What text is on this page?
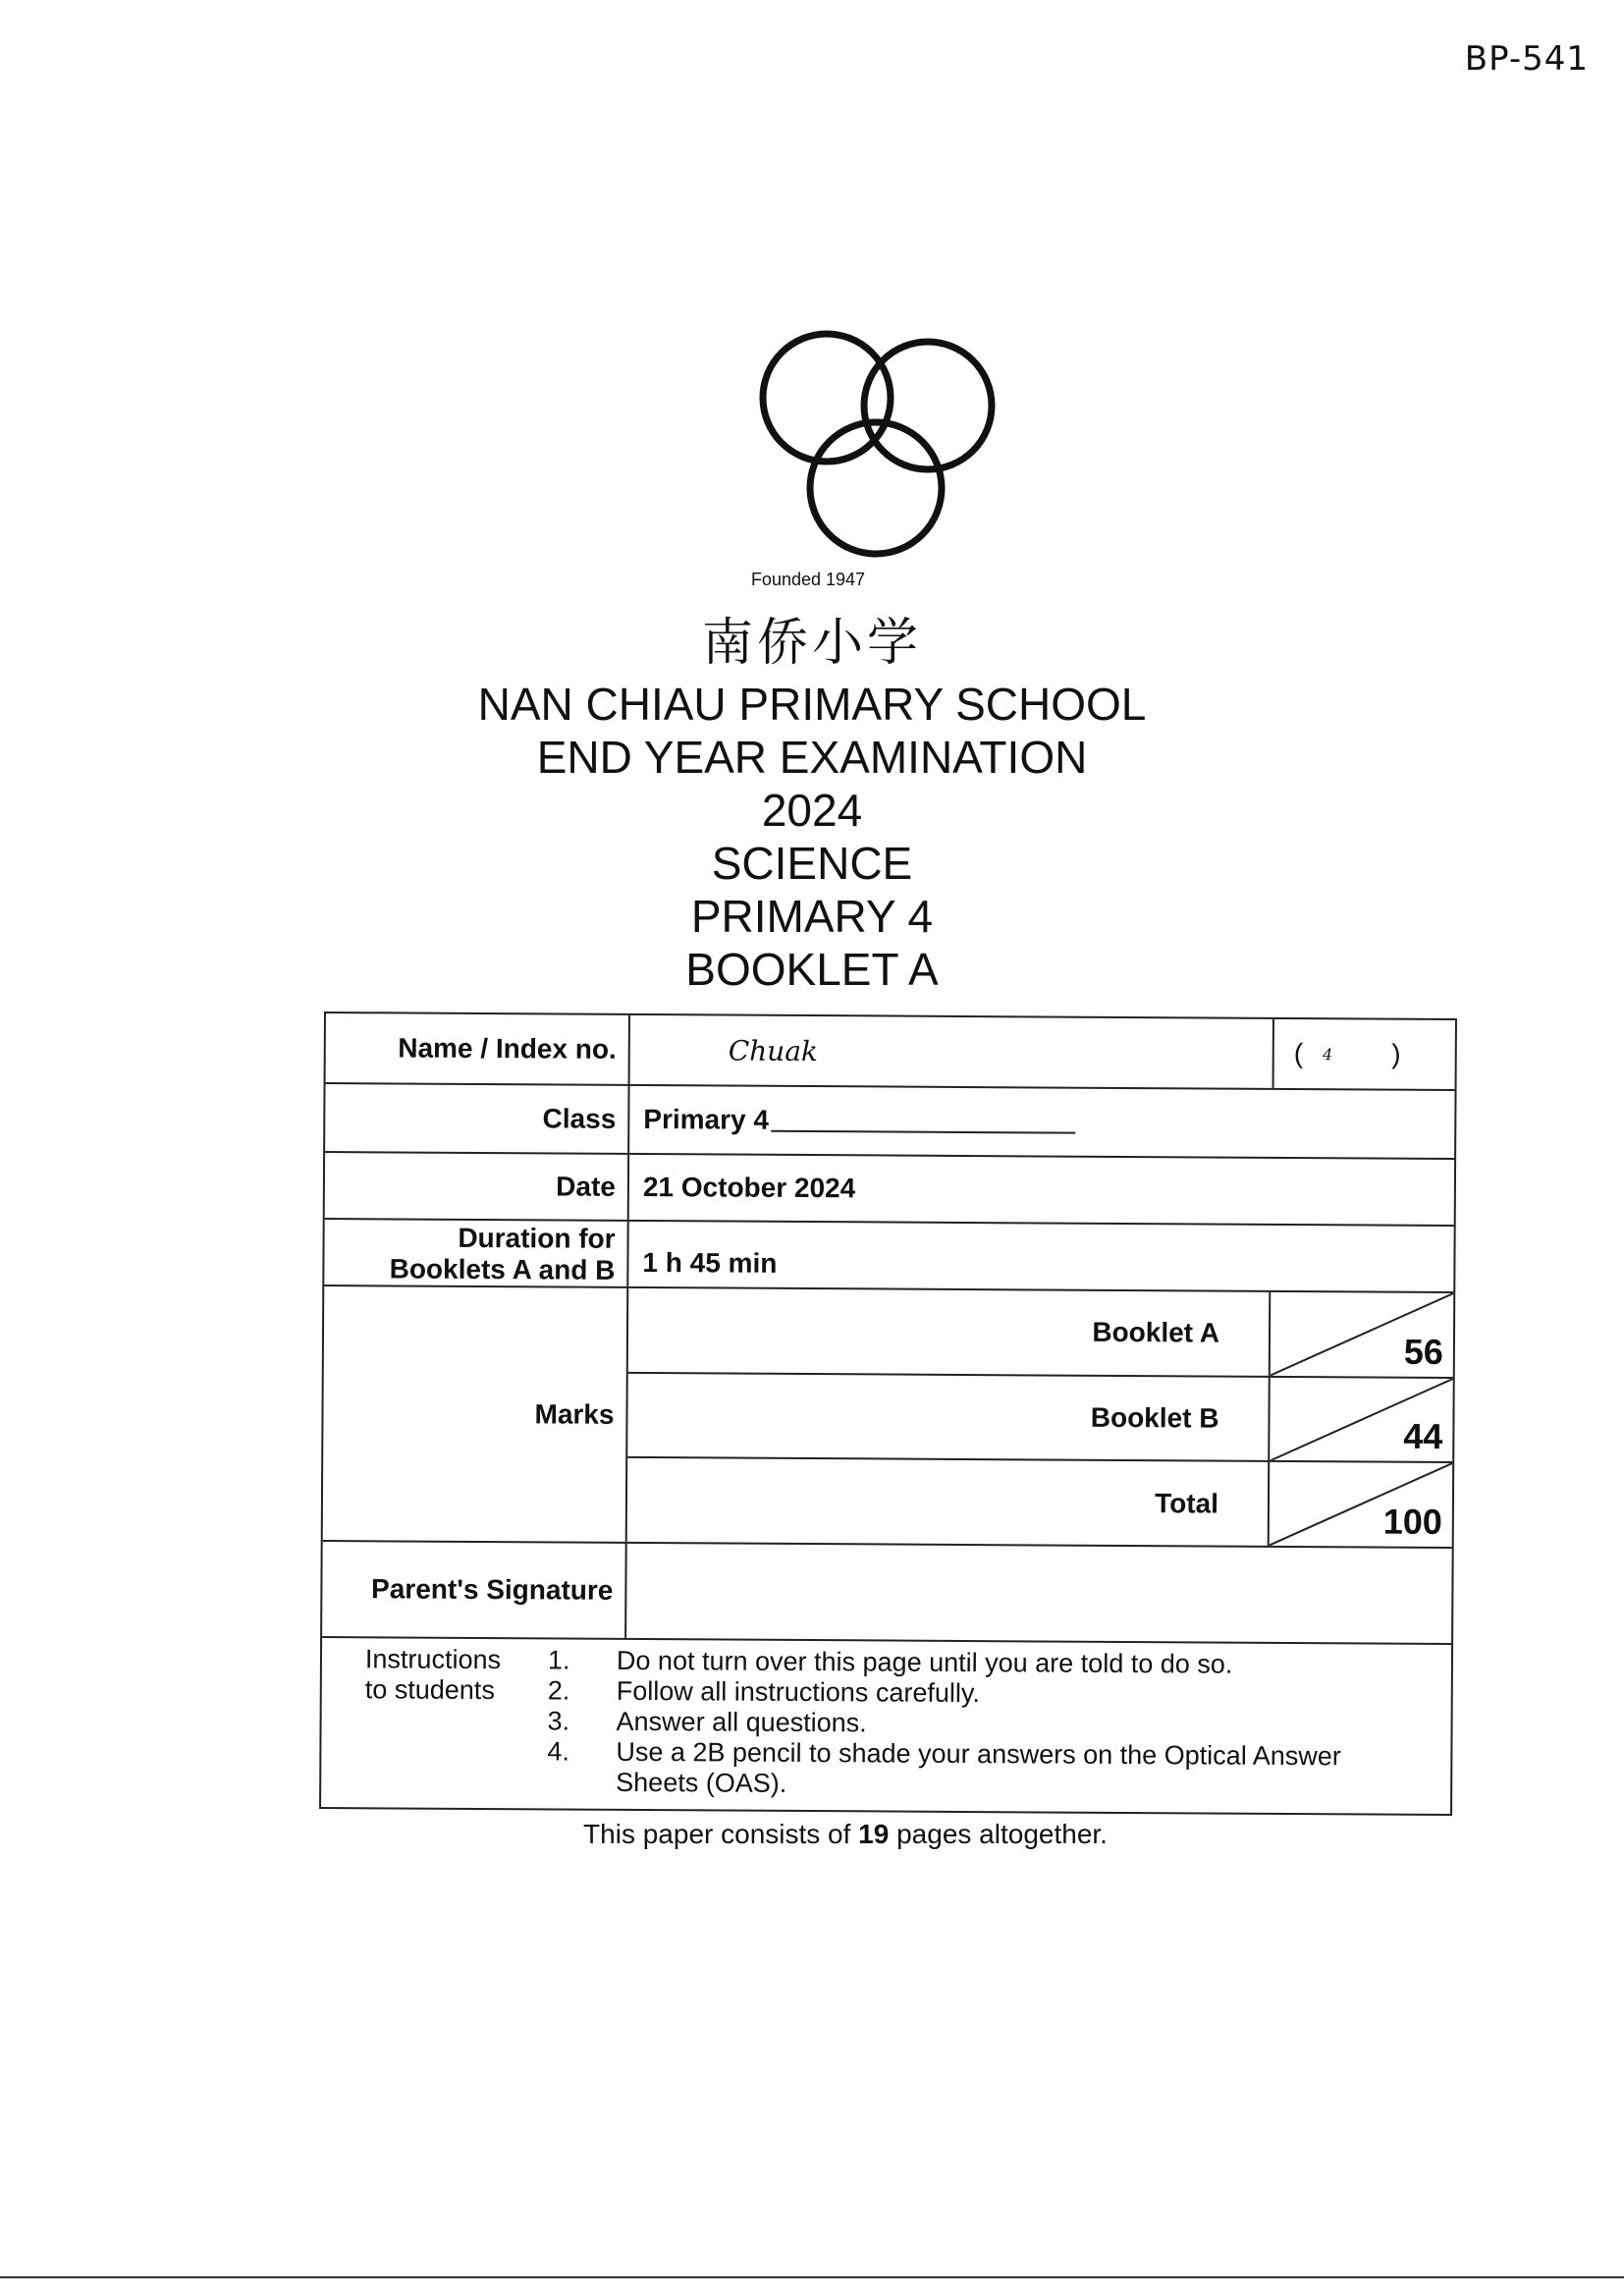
BP-541
Founded 1947
南侨小学
NAN CHIAU PRIMARY SCHOOL
END YEAR EXAMINATION
2024
SCIENCE
PRIMARY 4
BOOKLET A
Name / Index no.	Chuak	( 4 )
Class Primary 4
Date 21 October 2024
Duration for
Booklets A and B 1 h 45 min
Marks
Booklet A	56
Booklet B	44
Total	100
Parent's Signature
Instructions
to students
1.	Do not turn over this page until you are told to do so.
2.	Follow all instructions carefully.
3.	Answer all questions.
4.	Use a 2B pencil to shade your answers on the Optical Answer Sheets (OAS).
This paper consists of 19 pages altogether.
